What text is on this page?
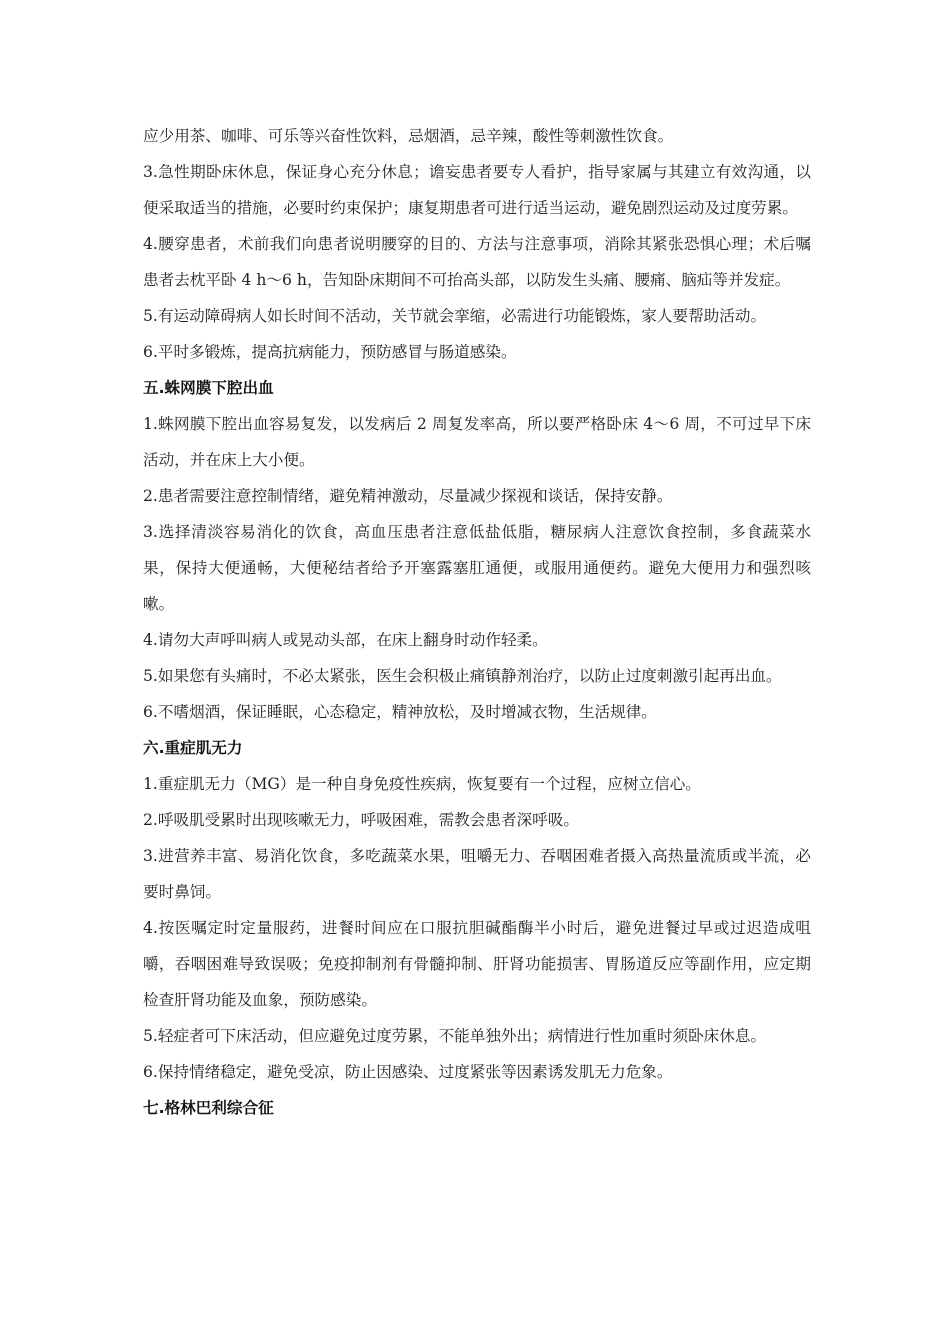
应少用茶、咖啡、可乐等兴奋性饮料，忌烟酒，忌辛辣，酸性等刺激性饮食。

3.急性期卧床休息，保证身心充分休息；谵妄患者要专人看护，指导家属与其建立有效沟通，以便采取适当的措施，必要时约束保护；康复期患者可进行适当运动，避免剧烈运动及过度劳累。

4.腰穿患者，术前我们向患者说明腰穿的目的、方法与注意事项，消除其紧张恐惧心理；术后嘱患者去枕平卧 4 h～6 h，告知卧床期间不可抬高头部，以防发生头痛、腰痛、脑疝等并发症。

5.有运动障碍病人如长时间不活动，关节就会挛缩，必需进行功能锻炼，家人要帮助活动。

6.平时多锻炼，提高抗病能力，预防感冒与肠道感染。

五.蛛网膜下腔出血

1.蛛网膜下腔出血容易复发，以发病后 2 周复发率高，所以要严格卧床 4～6 周，不可过早下床活动，并在床上大小便。

2.患者需要注意控制情绪，避免精神激动，尽量减少探视和谈话，保持安静。

3.选择清淡容易消化的饮食，高血压患者注意低盐低脂，糖尿病人注意饮食控制，多食蔬菜水果，保持大便通畅，大便秘结者给予开塞露塞肛通便，或服用通便药。避免大便用力和强烈咳嗽。

4.请勿大声呼叫病人或晃动头部，在床上翻身时动作轻柔。

5.如果您有头痛时，不必太紧张，医生会积极止痛镇静剂治疗，以防止过度刺激引起再出血。

6.不嗜烟酒，保证睡眠，心态稳定，精神放松，及时增减衣物，生活规律。

六.重症肌无力

1.重症肌无力（MG）是一种自身免疫性疾病，恢复要有一个过程，应树立信心。

2.呼吸肌受累时出现咳嗽无力，呼吸困难，需教会患者深呼吸。

3.进营养丰富、易消化饮食，多吃蔬菜水果，咀嚼无力、吞咽困难者摄入高热量流质或半流，必要时鼻饲。

4.按医嘱定时定量服药，进餐时间应在口服抗胆碱酯酶半小时后，避免进餐过早或过迟造成咀嚼，吞咽困难导致误吸；免疫抑制剂有骨髓抑制、肝肾功能损害、胃肠道反应等副作用，应定期检查肝肾功能及血象，预防感染。

5.轻症者可下床活动，但应避免过度劳累，不能单独外出；病情进行性加重时须卧床休息。

6.保持情绪稳定，避免受凉，防止因感染、过度紧张等因素诱发肌无力危象。

七.格林巴利综合征
